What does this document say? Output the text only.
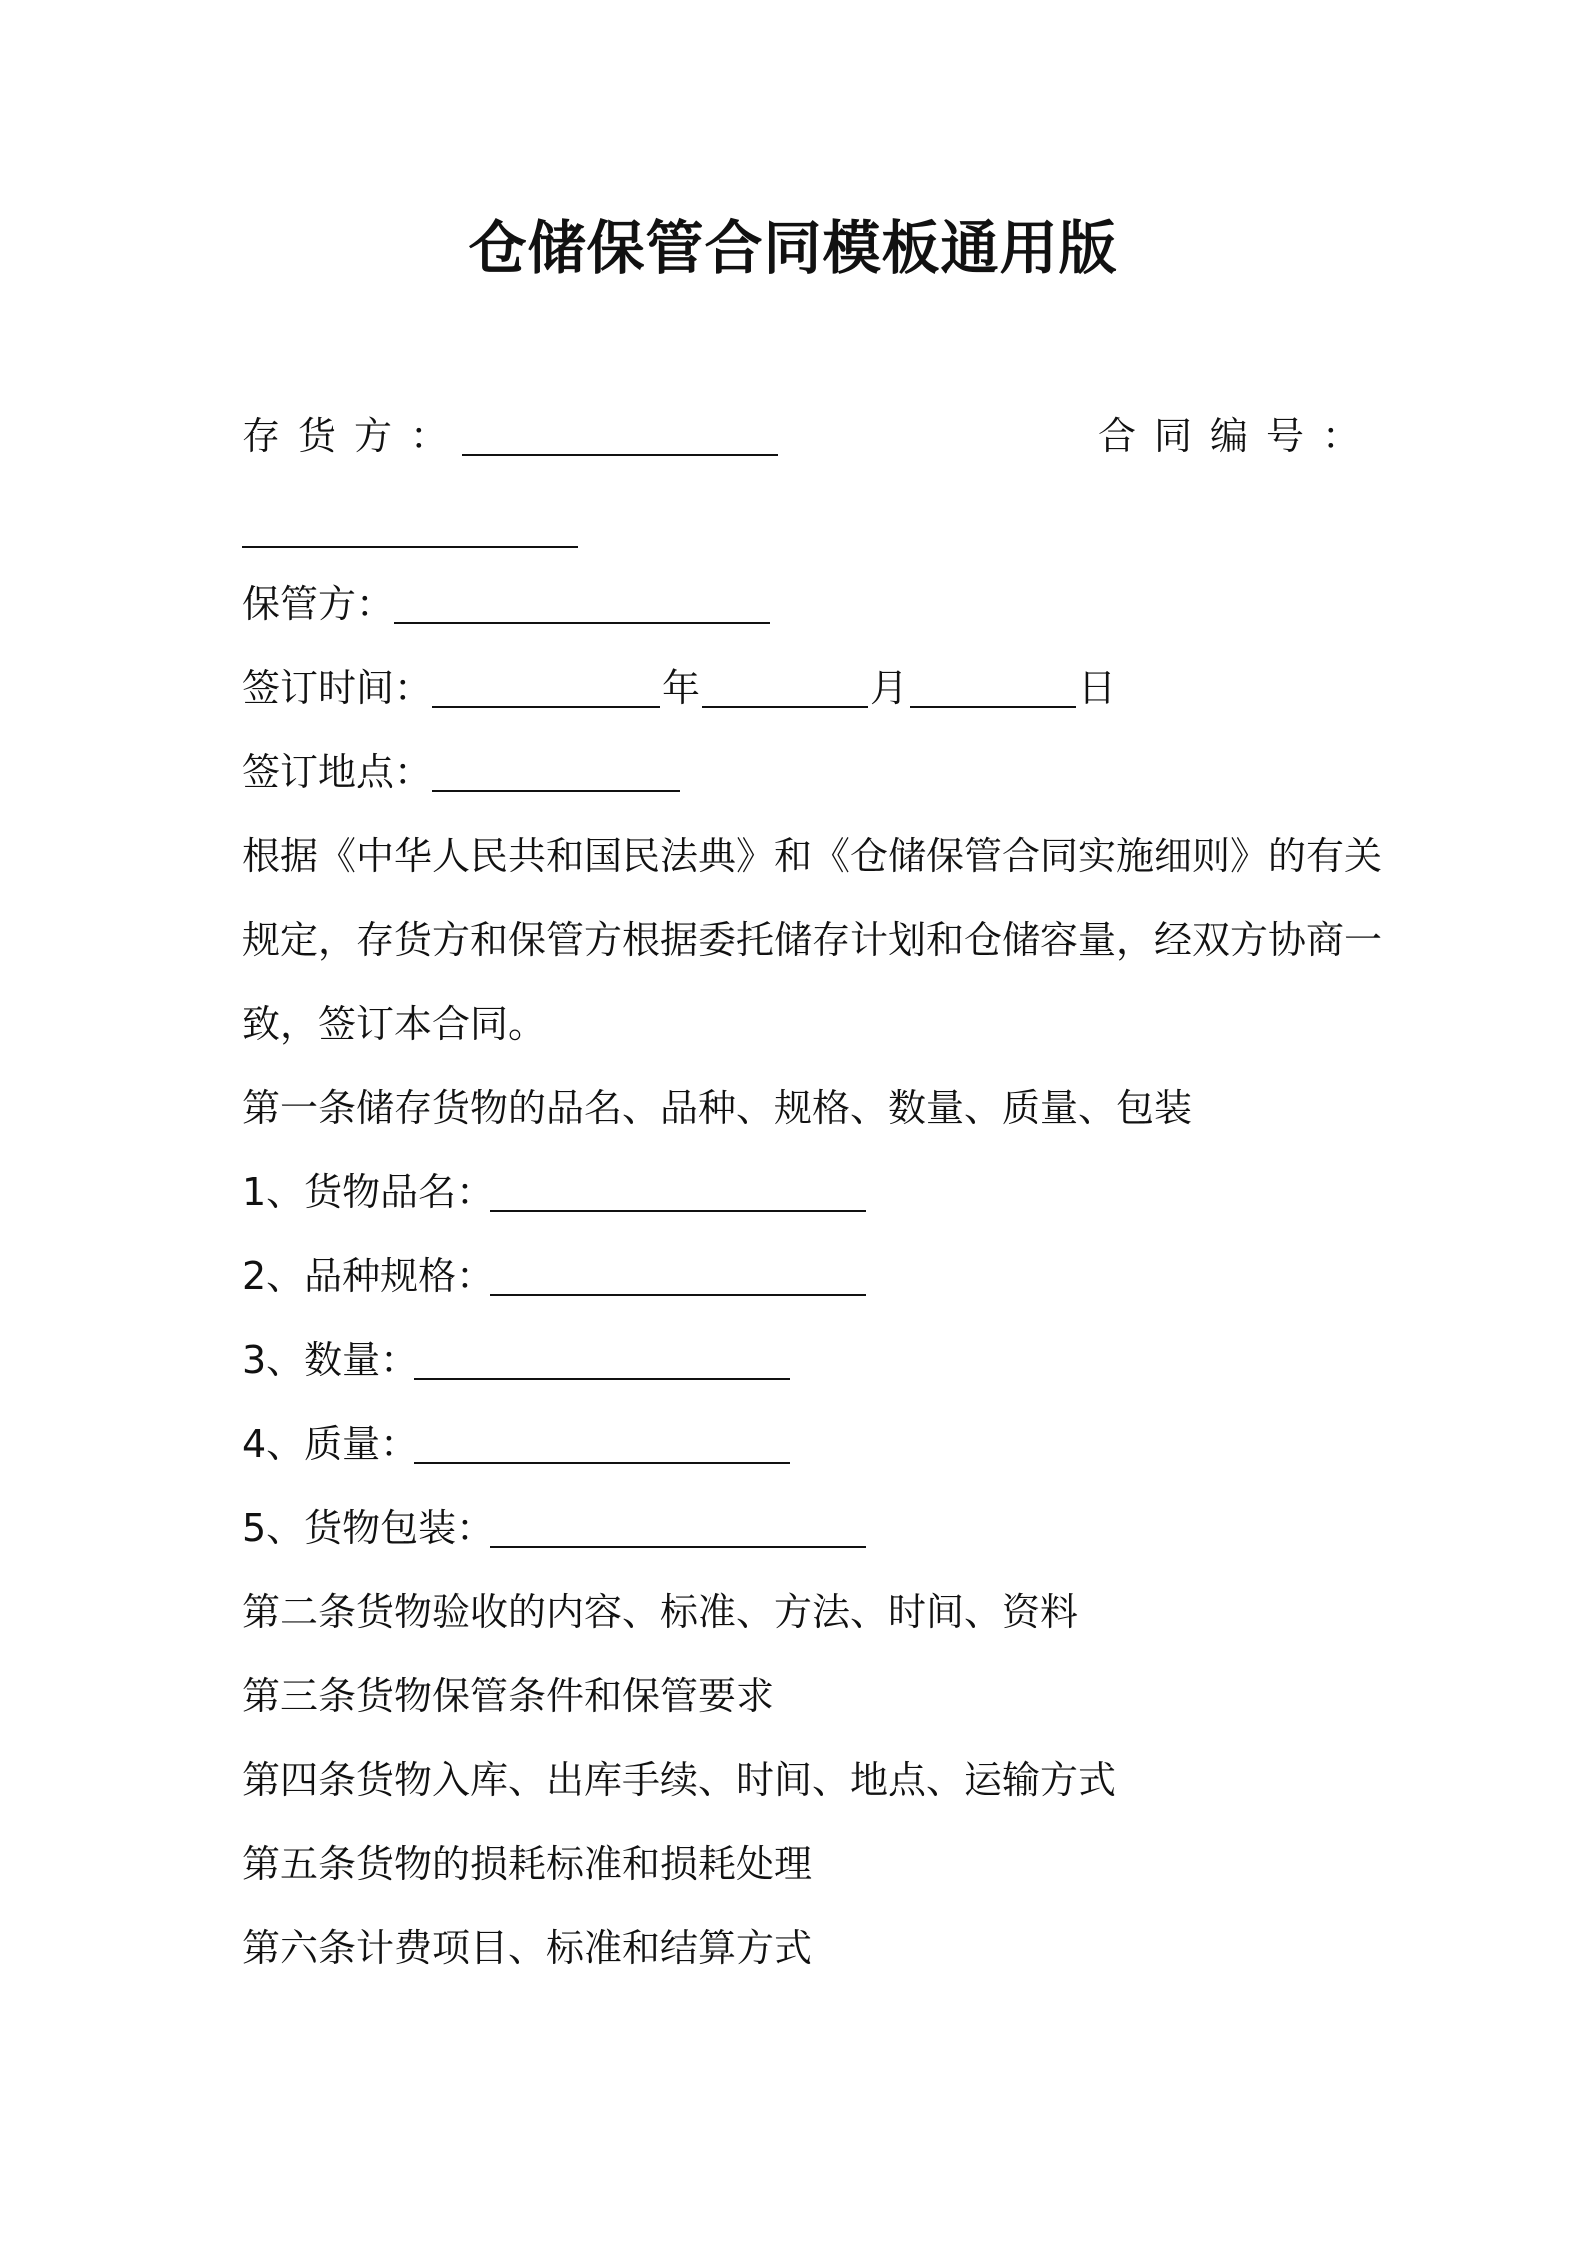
仓储保管合同模板通用版
存货方：	合同编号：
保管方：
签订时间：	年	月	日
签订地点：
根据《中华人民共和国民法典》和《仓储保管合同实施细则》的有关
规定，存货方和保管方根据委托储存计划和仓储容量，经双方协商一
致，签订本合同。
第一条储存货物的品名、品种、规格、数量、质量、包装
1、货物品名：
2、品种规格：
3、数量：
4、质量：
5、货物包装：
第二条货物验收的内容、标准、方法、时间、资料
第三条货物保管条件和保管要求
第四条货物入库、出库手续、时间、地点、运输方式
第五条货物的损耗标准和损耗处理
第六条计费项目、标准和结算方式
